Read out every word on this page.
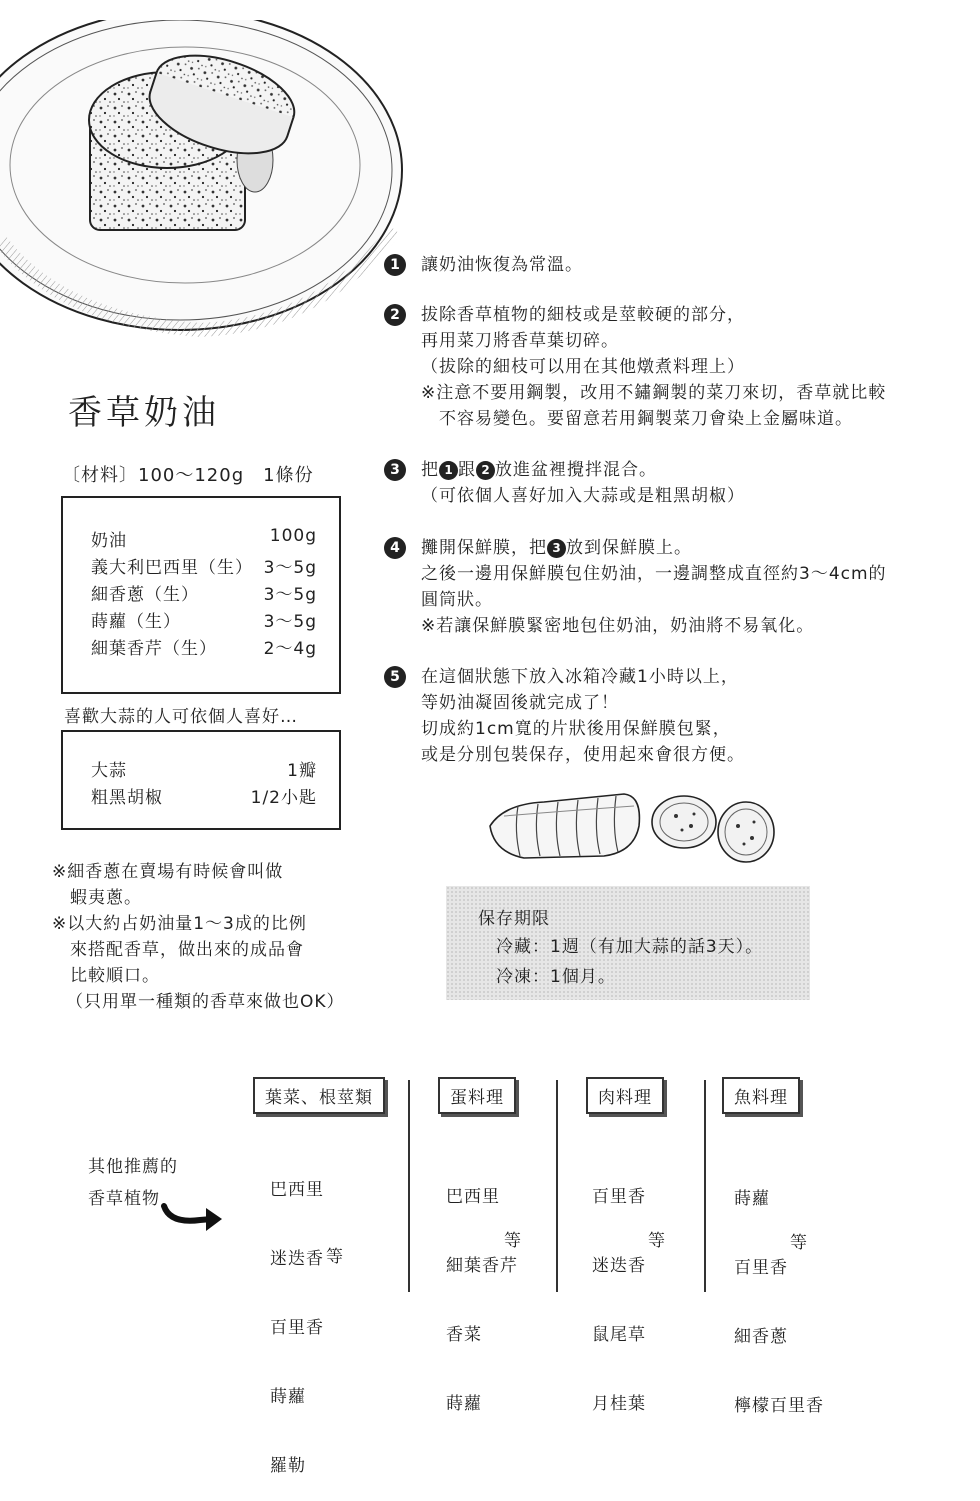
香草奶油
〔材料〕100～120g　1條份
奶油	100g
義大利巴西里（生） 3～5g
細香蔥（生）	3～5g
蒔蘿（生）	3～5g
細葉香芹（生）	2～4g
喜歡大蒜的人可依個人喜好…
大蒜	1瓣
粗黑胡椒	1/2小匙
※細香蔥在賣場有時候會叫做
　蝦夷蔥。
※以大約占奶油量1～3成的比例
　來搭配香草，做出來的成品會
　比較順口。
（只用單一種類的香草來做也OK）
1	讓奶油恢復為常溫。
2	拔除香草植物的細枝或是莖較硬的部分，
再用菜刀將香草葉切碎。
（拔除的細枝可以用在其他燉煮料理上）
※注意不要用鋼製，改用不鏽鋼製的菜刀來切，香草就比較
　不容易變色。要留意若用鋼製菜刀會染上金屬味道。
3	把 1 跟 2 放進盆裡攪拌混合。
（可依個人喜好加入大蒜或是粗黑胡椒）
4	攤開保鮮膜，把 3 放到保鮮膜上。
之後一邊用保鮮膜包住奶油，一邊調整成直徑約3～4cm的
圓筒狀。
※若讓保鮮膜緊密地包住奶油，奶油將不易氧化。
5	在這個狀態下放入冰箱冷藏1小時以上，
等奶油凝固後就完成了！
切成約1cm寬的片狀後用保鮮膜包緊，
或是分別包裝保存，使用起來會很方便。
保存期限
冷藏：1週（有加大蒜的話3天）。
冷凍：1個月。
其他推薦的
香草植物
葉菜、根莖類

巴西里

迷迭香

百里香

蒔蘿

羅勒

等
蛋料理

巴西里

細葉香芹

香菜

蒔蘿

等
肉料理

百里香

迷迭香

鼠尾草

月桂葉

等
魚料理

蒔蘿

百里香

細香蔥

檸檬百里香

等
